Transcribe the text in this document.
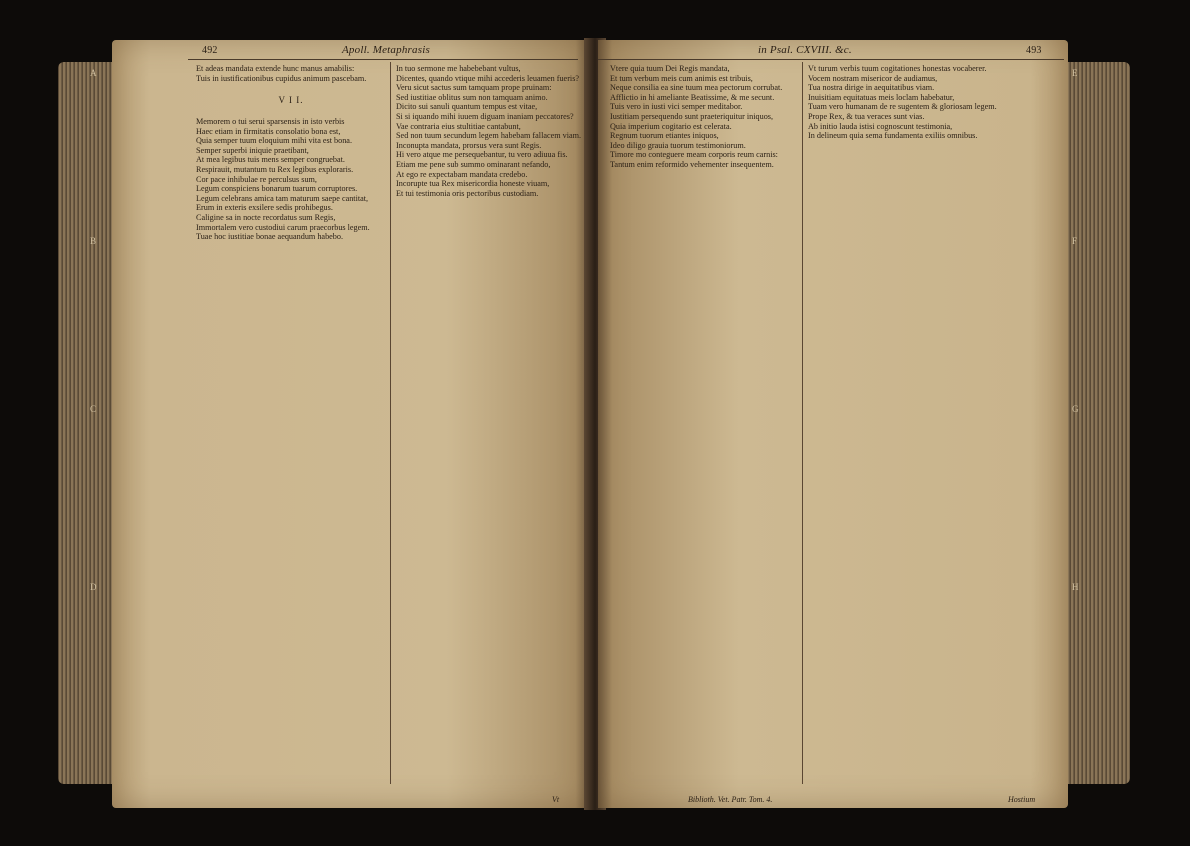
492	Apoll. Metaphrasis
Et adeas mandata extende hunc manus amabilis:
Tuis in iustificationibus cupidus animum pascebam.

V I I.

Memorem o tui serui sparsensis in isto verbis
Haec etiam in firmitatis consolatio bona est,
Quia semper tuum eloquium mihi vita est bona.
Semper superbi iniquie praetibant,
At mea legibus tuis mens semper congruebat.
Respirauit, mutantum tu Rex legibus exploraris.
Cor pace inhibulae re perculsus sum,
Legum conspiciens bonarum tuarum corruptores.
Legum celebrans amica tam maturum saepe cantitat,
Erum in exteris exsilere sedis prohibegus.
Caligine sa in nocte recordatus sum Regis,
Immortalem vero custodiui carum praecorbus legem.
Tuae hoc iustitiae bonae aequandum habebo.
In tuo sermone me habebebant vultus,
Dicentes, quando vtique mihi accederis leuamen fueris?
Veru sicut sactus sum tamquam prope pruinam:
Sed iustitiae oblitus sum non tamquam animo.
Dicito sui sanuli quantum tempus est vitae,
Si si iquando mihi iuuem diguam inaniam peccatores?
Vae contraria eius stultitiae cantabunt,
Sed non tuum secundum legem habebam fallacem viam.
Inconupta mandata, prorsus vera sunt Regis.
Hi vero atque me persequebantur, tu vero adiuua fis.
Etiam me pene sub summo ominarant nefando,
At ego re expectabam mandata credebo.
Incorupte tua Rex misericordia honeste viuam,
Et tui testimonia oris pectoribus custodiam.
Vt
in Psal. CXVIII. &c.	493
Vtere quia tuum Dei Regis mandata,
Et tum verbum meis cum animis est tribuis,
Neque consilia ea sine tuum mea pectorum corrubat.
Afflictio in hi ameliante Beatissime, & me secunt.
Tuis vero in iusti vici semper meditabor.
Iustitiam persequendo sunt praeteriquitur iniquos,
Quia imperium cogitario est celerata.
Regnum tuorum etiantes iniquos,
Ideo diligo grauia tuorum testimoniorum.
Timore mo conteguere meam corporis reum carnis:
Tantum enim reformido vehementer insequentem.
Vt turum verbis tuum cogitationes honestas vocaberer.
Vocem nostram misericor de audiamus,
Tua nostra dirige in aequitatibus viam.
Inuisitiam equitatuas meis loclam habebatur,
Tuam vero humanam de re sugentem & gloriosam legem.
Prope Rex, & tua veraces sunt vias.
Ab initio lauda istisi cognoscunt testimonia,
In delineum quia sema fundamenta exiliis omnibus.
Biblioth. Vet. Patr. Tom. 4.	Hostium
A
B
C
D
E
F
G
H
